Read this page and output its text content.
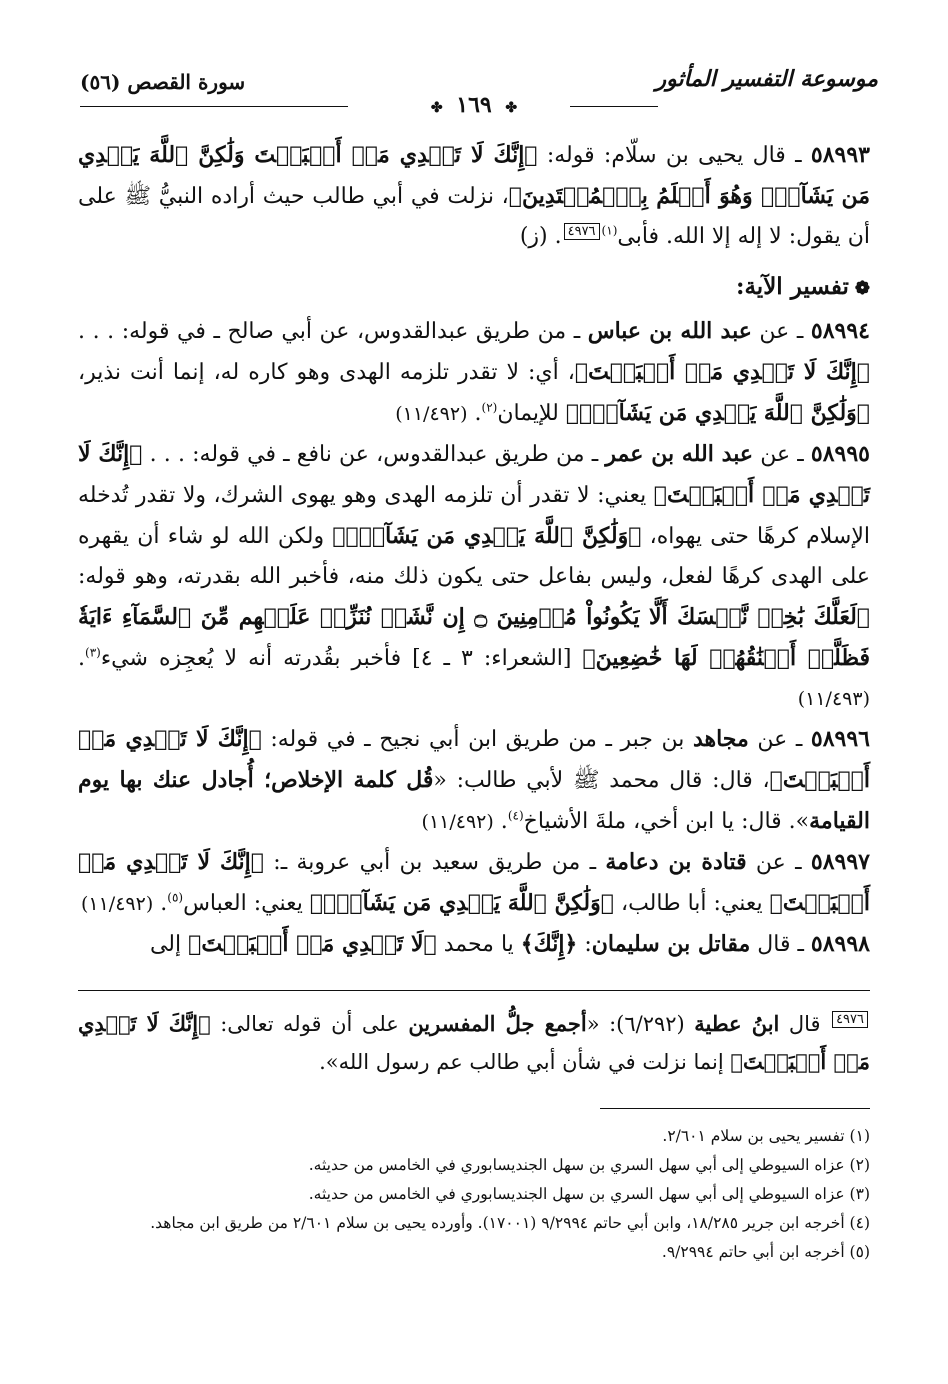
موسوعة التفسير المأثور
سورة القصص (٥٦)
✤ ١٦٩ ✤

٥٨٩٩٣ ـ قال يحيى بن سلّام: قوله: ﴿إِنَّكَ لَا تَهۡدِي مَنۡ أَحۡبَبۡتَ وَلَٰكِنَّ ٱللَّهَ يَهۡدِي مَن يَشَآءُۚ وَهُوَ أَعۡلَمُ بِٱلۡمُهۡتَدِينَ﴾، نزلت في أبي طالب حيث أراده النبيُّ ﷺ على أن يقول: لا إله إلا الله. فأبى$^{(١)}$٤٩٧٦. (ز)

❁تفسير الآية:

٥٨٩٩٤ ـ عن عبد الله بن عباس ـ من طريق عبدالقدوس، عن أبي صالح ـ في قوله: . . . ﴿إِنَّكَ لَا تَهۡدِي مَنۡ أَحۡبَبۡتَ﴾، أي: لا تقدر تلزمه الهدى وهو كاره له، إنما أنت نذير، ﴿وَلَٰكِنَّ ٱللَّهَ يَهۡدِي مَن يَشَآءُۚ﴾ للإيمان$^{(٢)}$. (١١/٤٩٢)

٥٨٩٩٥ ـ عن عبد الله بن عمر ـ من طريق عبدالقدوس، عن نافع ـ في قوله: . . . ﴿إِنَّكَ لَا تَهۡدِي مَنۡ أَحۡبَبۡتَ﴾ يعني: لا تقدر أن تلزمه الهدى وهو يهوى الشرك، ولا تقدر تُدخله الإسلام كرهًا حتى يهواه، ﴿وَلَٰكِنَّ ٱللَّهَ يَهۡدِي مَن يَشَآءُۚ﴾ ولكن الله لو شاء أن يقهره على الهدى كرهًا لفعل، وليس بفاعل حتى يكون ذلك منه، فأخبر الله بقدرته، وهو قوله: ﴿لَعَلَّكَ بَٰخِعٞ نَّفۡسَكَ أَلَّا يَكُونُواْ مُؤۡمِنِينَ ۝ إِن نَّشَأۡ نُنَزِّلۡ عَلَيۡهِم مِّنَ ٱلسَّمَآءِ ءَايَةٗ فَظَلَّتۡ أَعۡنَٰقُهُمۡ لَهَا خَٰضِعِينَ﴾ [الشعراء: ٣ ـ ٤] فأخبر بقُدرته أنه لا يُعجِزه شيء$^{(٣)}$. (١١/٤٩٣)

٥٨٩٩٦ ـ عن مجاهد بن جبر ـ من طريق ابن أبي نجيح ـ في قوله: ﴿إِنَّكَ لَا تَهۡدِي مَنۡ أَحۡبَبۡتَ﴾، قال: قال محمد ﷺ لأبي طالب: «قُل كلمة الإخلاص؛ أُجادل عنك بها يوم القيامة». قال: يا ابن أخي، ملةَ الأشياخ$^{(٤)}$. (١١/٤٩٢)

٥٨٩٩٧ ـ عن قتادة بن دعامة ـ من طريق سعيد بن أبي عروبة ـ: ﴿إِنَّكَ لَا تَهۡدِي مَنۡ أَحۡبَبۡتَ﴾ يعني: أبا طالب، ﴿وَلَٰكِنَّ ٱللَّهَ يَهۡدِي مَن يَشَآءُۚ﴾ يعني: العباس$^{(٥)}$. (١١/٤٩٢)

٥٨٩٩٨ ـ قال مقاتل بن سليمان: ﴿إِنَّكَ﴾ يا محمد ﴿لَا تَهۡدِي مَنۡ أَحۡبَبۡتَ﴾ إلى

٤٩٧٦ قال ابنُ عطية (٦/٢٩٢): «أجمع جلُّ المفسرين على أن قوله تعالى: ﴿إِنَّكَ لَا تَهۡدِي مَنۡ أَحۡبَبۡتَ﴾ إنما نزلت في شأن أبي طالب عم رسول الله».

(١) تفسير يحيى بن سلام ٢/٦٠١.

(٢) عزاه السيوطي إلى أبي سهل السري بن سهل الجنديسابوري في الخامس من حديثه.

(٣) عزاه السيوطي إلى أبي سهل السري بن سهل الجنديسابوري في الخامس من حديثه.

(٤) أخرجه ابن جرير ١٨/٢٨٥، وابن أبي حاتم ٩/٢٩٩٤ (١٧٠٠١). وأورده يحيى بن سلام ٢/٦٠١ من طريق ابن مجاهد.

(٥) أخرجه ابن أبي حاتم ٩/٢٩٩٤.
